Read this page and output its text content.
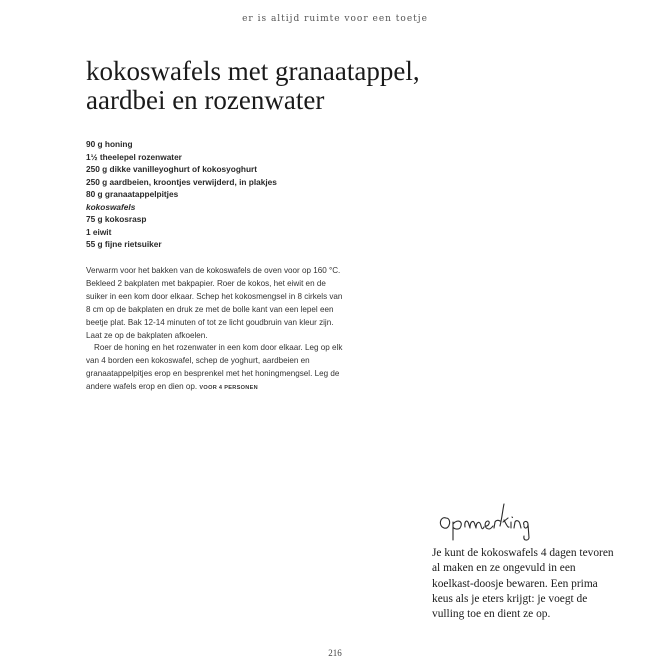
er is altijd ruimte voor een toetje
kokoswafels met granaatappel,
aardbei en rozenwater
90 g honing
1½ theelepel rozenwater
250 g dikke vanilleyoghurt of kokosyoghurt
250 g aardbeien, kroontjes verwijderd, in plakjes
80 g granaatappelpitjes
kokoswafels
75 g kokosrasp
1 eiwit
55 g fijne rietsuiker

Verwarm voor het bakken van de kokoswafels de oven voor op 160 °C. Bekleed 2 bakplaten met bakpapier. Roer de kokos, het eiwit en de suiker in een kom door elkaar. Schep het kokosmengsel in 8 cirkels van 8 cm op de bakplaten en druk ze met de bolle kant van een lepel een beetje plat. Bak 12-14 minuten of tot ze licht goudbruin van kleur zijn. Laat ze op de bakplaten afkoelen.

Roer de honing en het rozenwater in een kom door elkaar. Leg op elk van 4 borden een kokoswafel, schep de yoghurt, aardbeien en granaatappelpitjes erop en besprenkel met het honingmengsel. Leg de andere wafels erop en dien op. VOOR 4 PERSONEN

Je kunt de kokoswafels 4 dagen tevoren al maken en ze ongevuld in een koelkast-doosje bewaren. Een prima keus als je eters krijgt: je voegt de vulling toe en dient ze op.
216
